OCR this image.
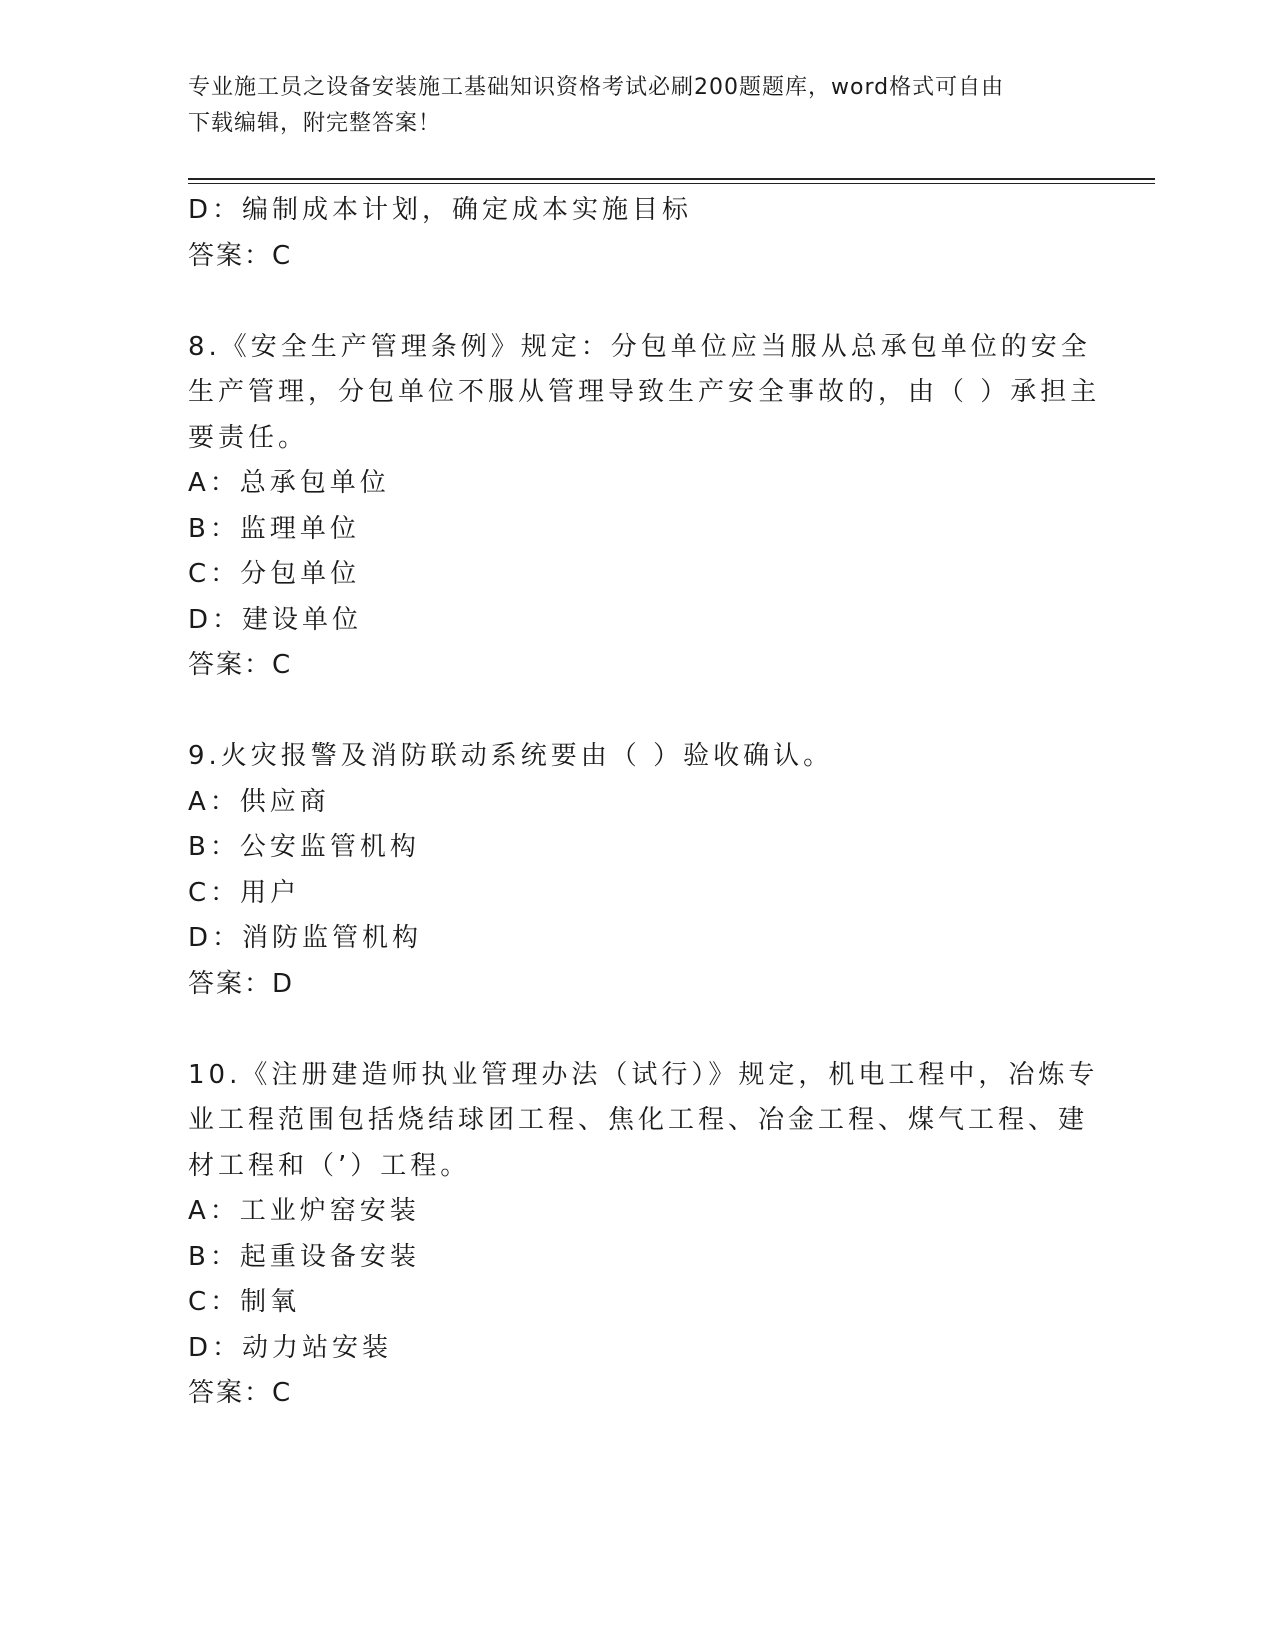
专业施工员之设备安装施工基础知识资格考试必刷200题题库，word格式可自由
下载编辑，附完整答案！
D：编制成本计划，确定成本实施目标
答案：C
8.《安全生产管理条例》规定：分包单位应当服从总承包单位的安全
生产管理，分包单位不服从管理导致生产安全事故的，由（ ）承担主
要责任。
A：总承包单位
B：监理单位
C：分包单位
D：建设单位
答案：C
9.火灾报警及消防联动系统要由（ ）验收确认。
A：供应商
B：公安监管机构
C：用户
D：消防监管机构
答案：D
10.《注册建造师执业管理办法（试行）》规定，机电工程中，冶炼专
业工程范围包括烧结球团工程、焦化工程、冶金工程、煤气工程、建
材工程和（’）工程。
A：工业炉窑安装
B：起重设备安装
C：制氧
D：动力站安装
答案：C
